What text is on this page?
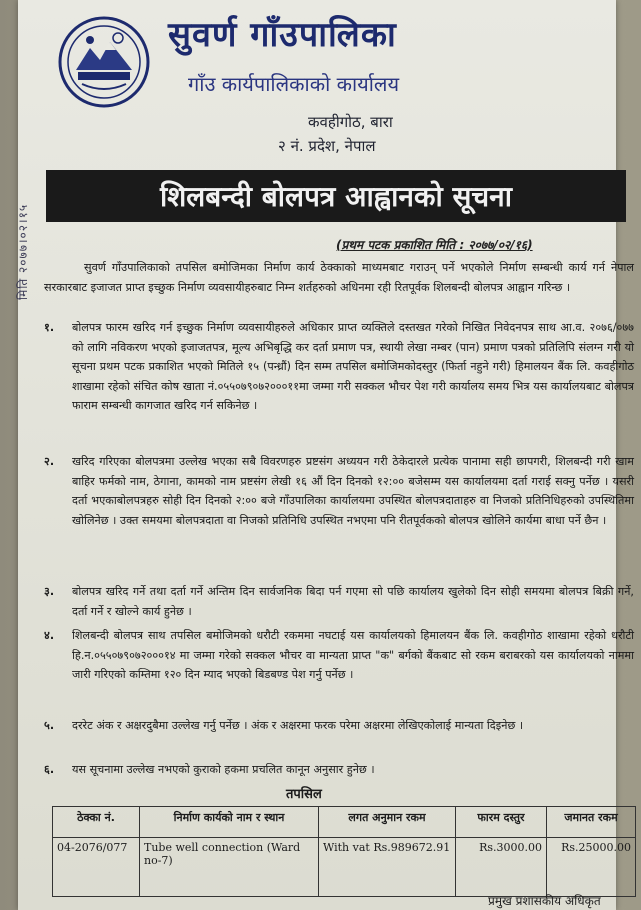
मिति २०७७।०२।१५
सुवर्ण गाँउपालिका
गाँउ कार्यपालिकाको कार्यालय
कवहीगोठ, बारा
२ नं. प्रदेश, नेपाल
शिलबन्दी बोलपत्र आह्वानको सूचना
(प्रथम पटक प्रकाशित मिति : २०७७/०२/१६)
सुवर्ण गाँउपालिकाको तपसिल बमोजिमका निर्माण कार्य ठेक्काको माध्यमबाट गराउन् पर्ने भएकोले निर्माण सम्बन्धी कार्य गर्न नेपाल सरकारबाट इजाजत प्राप्त इच्छुक निर्माण व्यवसायीहरुबाट निम्न शर्तहरुको अधिनमा रही रितपूर्वक शिलबन्दी बोलपत्र आह्वान गरिन्छ ।
१.	बोलपत्र फारम खरिद गर्न इच्छुक निर्माण व्यवसायीहरुले अधिकार प्राप्त व्यक्तिले दस्तखत गरेको निखित निवेदनपत्र साथ आ.व. २०७६/०७७ को लागि नविकरण भएको इजाजतपत्र, मूल्य अभिबृद्धि कर दर्ता प्रमाण पत्र, स्थायी लेखा नम्बर (पान) प्रमाण पत्रको प्रतिलिपि संलग्न गरी यो सूचना प्रथम पटक प्रकाशित भएको मितिले १५ (पन्ध्रौं) दिन सम्म तपसिल बमोजिमकोदस्तुर (फिर्ता नहुने गरी) हिमालयन बैंक लि. कवहीगोठ शाखामा रहेको संचित कोष खाता नं.०५५०७९०७२०००११मा जम्मा गरी सक्कल भौचर पेश गरी कार्यालय समय भित्र यस कार्यालयबाट बोलपत्र फाराम सम्बन्धी कागजात खरिद गर्न सकिनेछ ।
२.	खरिद गरिएका बोलपत्रमा उल्लेख भएका सबै विवरणहरु प्रष्टसंग अध्ययन गरी ठेकेदारले प्रत्येक पानामा सही छापगरी, शिलबन्दी गरी खाम बाहिर फर्मको नाम, ठेगाना, कामको नाम प्रष्टसंग लेखी १६ औं दिन दिनको १२:०० बजेसम्म यस कार्यालयमा दर्ता गराई सक्नु पर्नेछ । यसरी दर्ता भएकाबोलपत्रहरु सोही दिन दिनको २:०० बजे गाँउपालिका कार्यालयमा उपस्थित बोलपत्रदाताहरु वा निजको प्रतिनिधिहरुको उपस्थितिमा खोलिनेछ । उक्त समयमा बोलपत्रदाता वा निजको प्रतिनिधि उपस्थित नभएमा पनि रीतपूर्वकको बोलपत्र खोलिने कार्यमा बाधा पर्ने छैन ।
३.	बोलपत्र खरिद गर्ने तथा दर्ता गर्ने अन्तिम दिन सार्वजनिक बिदा पर्न गएमा सो पछि कार्यालय खुलेको दिन सोही समयमा बोलपत्र बिक्री गर्ने, दर्ता गर्ने र खोल्ने कार्य हुनेछ ।
४.	शिलबन्दी बोलपत्र साथ तपसिल बमोजिमको धरौटी रकममा नघटाई यस कार्यालयको हिमालयन बैंक लि. कवहीगोठ शाखामा रहेको धरौटी हि.न.०५५०७९०७२०००१४ मा जम्मा गरेको सक्कल भौचर वा मान्यता प्राप्त "क" बर्गको बैंकबाट सो रकम बराबरको यस कार्यालयको नाममा जारी गरिएको कम्तिमा १२० दिन म्याद भएको बिडबण्ड पेश गर्नु पर्नेछ ।
५.	दररेट अंक र अक्षरदुबैमा उल्लेख गर्नु पर्नेछ । अंक र अक्षरमा फरक परेमा अक्षरमा लेखिएकोलाई मान्यता दिइनेछ ।
६.	यस सूचनामा उल्लेख नभएको कुराको हकमा प्रचलित कानून अनुसार हुनेछ ।
तपसिल
ठेक्का नं.	निर्माण कार्यको नाम र स्थान	लगत अनुमान रकम	फारम दस्तुर	जमानत रकम
04-2076/077	Tube well connection (Ward no-7)	With vat Rs.989672.91	Rs.3000.00	Rs.25000.00
प्रमुख प्रशासकीय अधिकृत
